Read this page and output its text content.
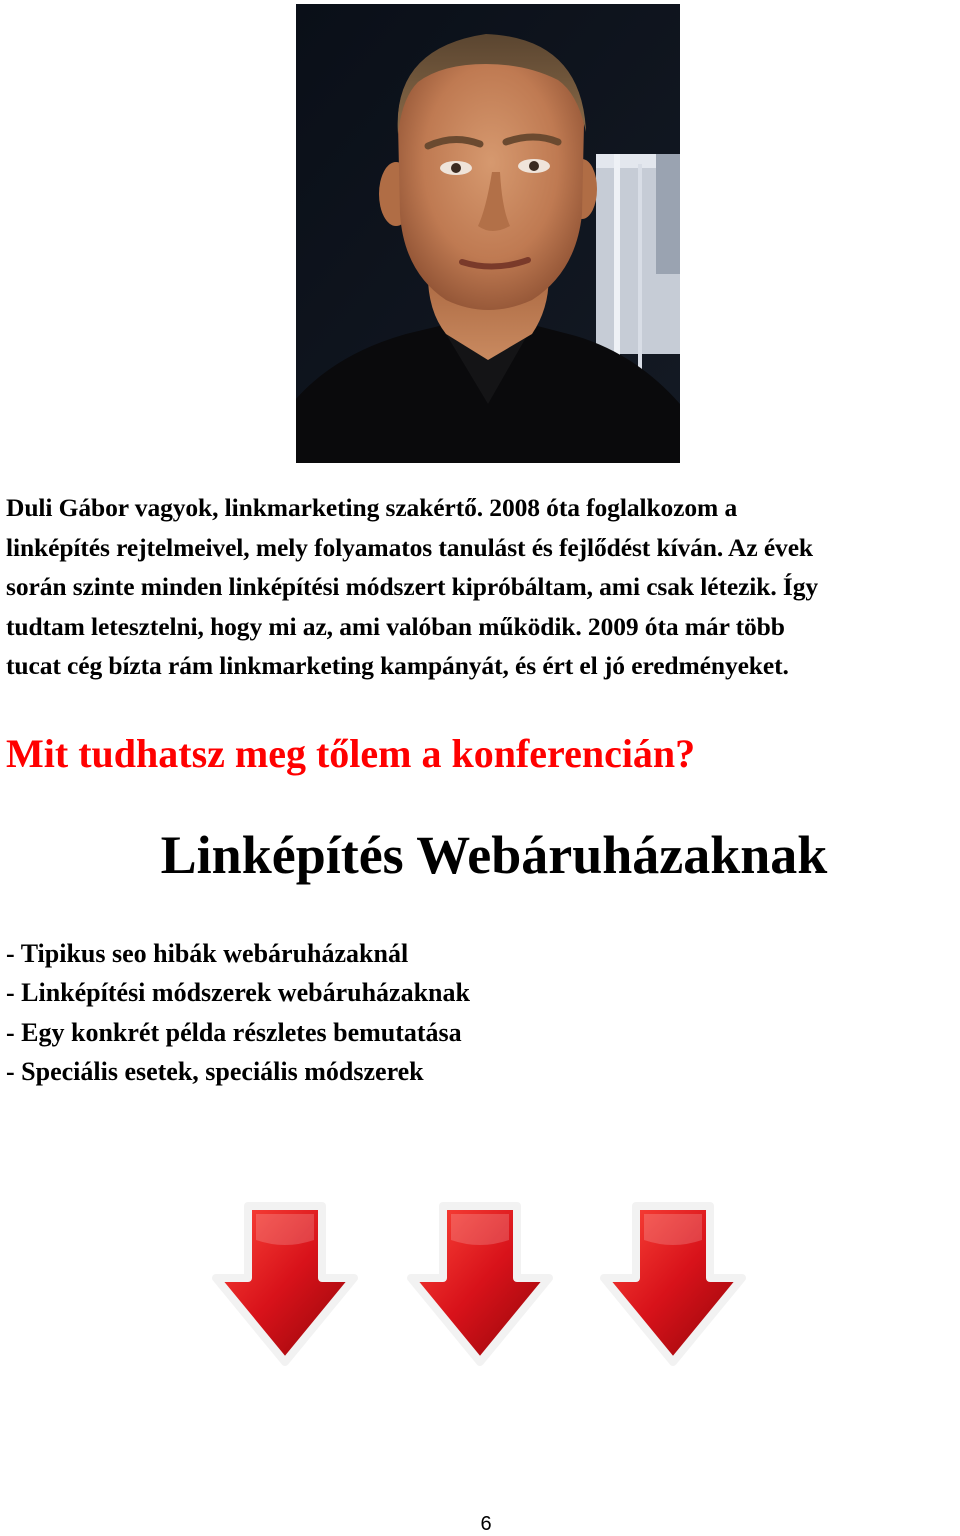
Duli Gábor vagyok, linkmarketing szakértő. 2008 óta foglalkozom a
linképítés rejtelmeivel, mely folyamatos tanulást és fejlődést kíván. Az évek
során szinte minden linképítési módszert kipróbáltam, ami csak létezik. Így
tudtam letesztelni, hogy mi az, ami valóban működik. 2009 óta már több
tucat cég bízta rám linkmarketing kampányát, és ért el jó eredményeket.

Mit tudhatsz meg tőlem a konferencián?
Linképítés Webáruházaknak
- Tipikus seo hibák webáruházaknál
- Linképítési módszerek webáruházaknak
- Egy konkrét példa részletes bemutatása
- Speciális esetek, speciális módszerek
6
